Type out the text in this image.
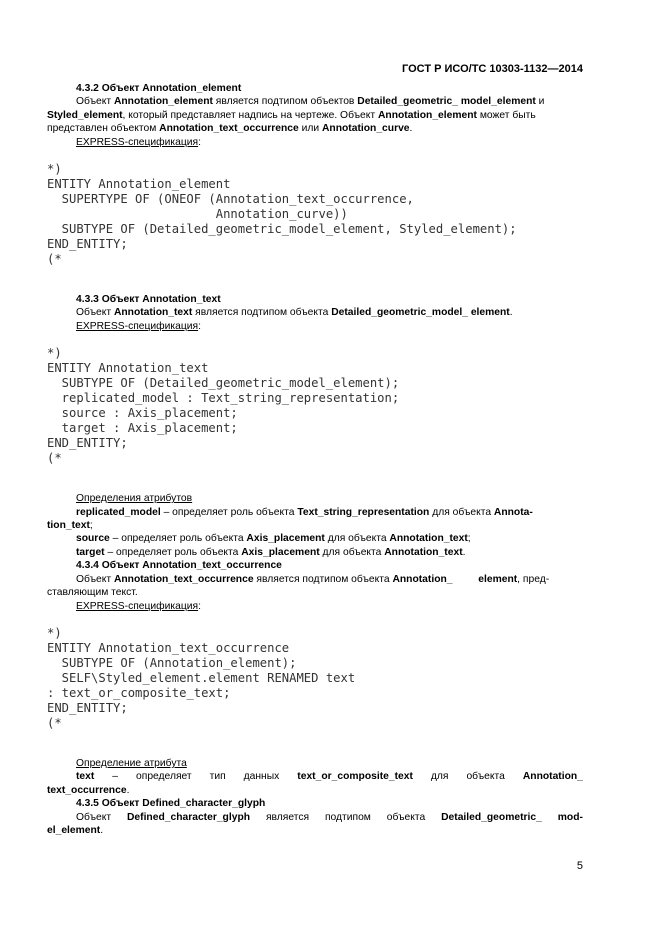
ГОСТ Р ИСО/ТС 10303-1132—2014

4.3.2 Объект Annotation_element

Объект Annotation_element является подтипом объектов Detailed_geometric_ model_element и

Styled_element, который представляет надпись на чертеже. Объект Annotation_element может быть

представлен объектом Annotation_text_occurrence или Annotation_curve.

EXPRESS-спецификация:

*)
ENTITY Annotation_element
SUPERTYPE OF (ONEOF (Annotation_text_occurrence,
Annotation_curve))
SUBTYPE OF (Detailed_geometric_model_element, Styled_element);
END_ENTITY;
(*

4.3.3 Объект Annotation_text

Объект Annotation_text является подтипом объекта Detailed_geometric_model_ element.

EXPRESS-спецификация:

*)
ENTITY Annotation_text
SUBTYPE OF (Detailed_geometric_model_element);
replicated_model : Text_string_representation;
source : Axis_placement;
target : Axis_placement;
END_ENTITY;
(*

Определения атрибутов

replicated_model – определяет роль объекта Text_string_representation для объекта Annota-

tion_text;

source – определяет роль объекта Axis_placement для объекта Annotation_text;

target – определяет роль объекта Axis_placement для объекта Annotation_text.

4.3.4 Объект Annotation_text_occurrence

Объект Annotation_text_occurrence является подтипом объекта Annotation_	element, пред-

ставляющим текст.

EXPRESS-спецификация:

*)
ENTITY Annotation_text_occurrence
SUBTYPE OF (Annotation_element);
SELF\Styled_element.element RENAMED text
: text_or_composite_text;
END_ENTITY;
(*

Определение атрибута

text – определяет тип данных text_or_composite_text для объекта Annotation_

text_occurrence.

4.3.5 Объект Defined_character_glyph

Объект Defined_character_glyph является подтипом объекта Detailed_geometric_ mod-

el_element.

5
